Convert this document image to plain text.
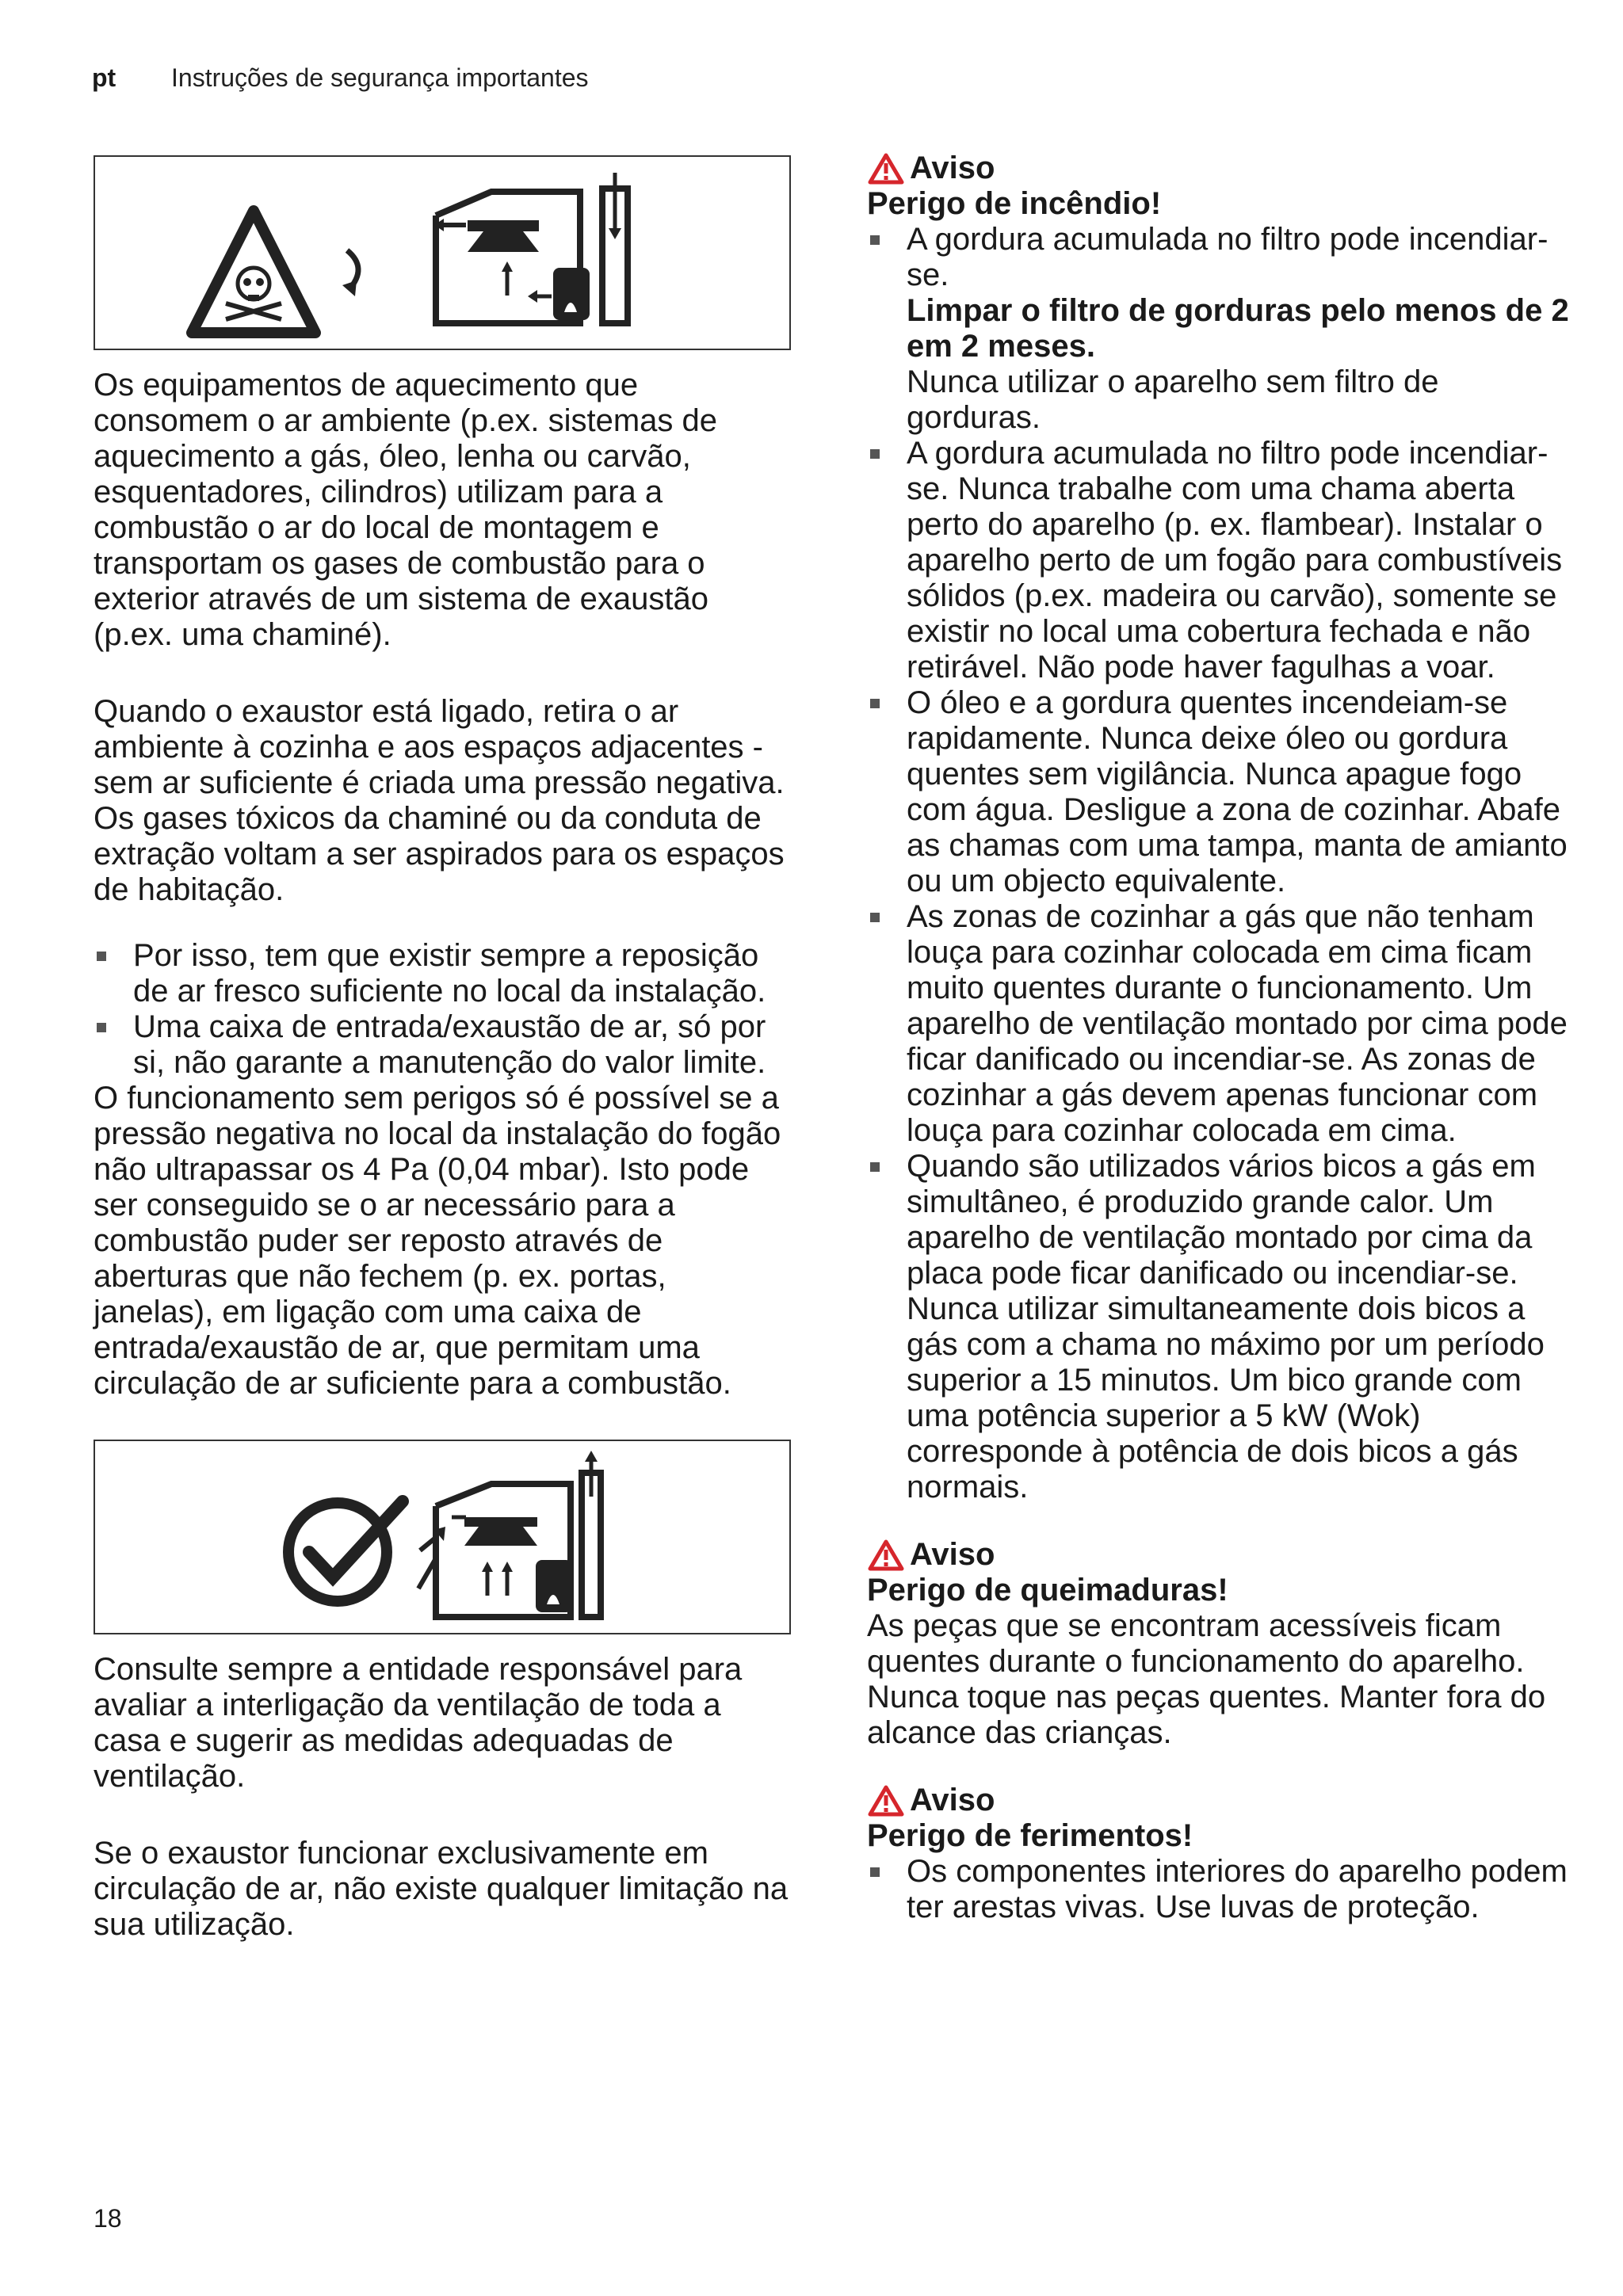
pt	Instruções de segurança importantes

Os equipamentos de aquecimento que consomem o ar ambiente (p.ex. sistemas de aquecimento a gás, óleo, lenha ou carvão, esquentadores, cilindros) utilizam para a combustão o ar do local de montagem e transportam os gases de combustão para o exterior através de um sistema de exaustão (p.ex. uma chaminé).

Quando o exaustor está ligado, retira o ar ambiente à cozinha e aos espaços adjacentes - sem ar suficiente é criada uma pressão negativa. Os gases tóxicos da chaminé ou da conduta de extração voltam a ser aspirados para os espaços de habitação.

Por isso, tem que existir sempre a reposição de ar fresco suficiente no local da instalação.
Uma caixa de entrada/exaustão de ar, só por si, não garante a manutenção do valor limite.

O funcionamento sem perigos só é possível se a pressão negativa no local da instalação do fogão não ultrapassar os 4 Pa (0,04 mbar). Isto pode ser conseguido se o ar necessário para a combustão puder ser reposto através de aberturas que não fechem (p. ex. portas, janelas), em ligação com uma caixa de entrada/exaustão de ar, que permitam uma circulação de ar suficiente para a combustão.

Consulte sempre a entidade responsável para avaliar a interligação da ventilação de toda a casa e sugerir as medidas adequadas de ventilação.

Se o exaustor funcionar exclusivamente em circulação de ar, não existe qualquer limitação na sua utilização.

Aviso
Perigo de incêndio!
A gordura acumulada no filtro pode incendiar-se.
Limpar o filtro de gorduras pelo menos de 2 em 2 meses.
Nunca utilizar o aparelho sem filtro de gorduras.
A gordura acumulada no filtro pode incendiar-se. Nunca trabalhe com uma chama aberta perto do aparelho (p. ex. flambear). Instalar o aparelho perto de um fogão para combustíveis sólidos (p.ex. madeira ou carvão), somente se existir no local uma cobertura fechada e não retirável. Não pode haver fagulhas a voar.
O óleo e a gordura quentes incendeiam-se rapidamente. Nunca deixe óleo ou gordura quentes sem vigilância. Nunca apague fogo com água. Desligue a zona de cozinhar. Abafe as chamas com uma tampa, manta de amianto ou um objecto equivalente.
As zonas de cozinhar a gás que não tenham louça para cozinhar colocada em cima ficam muito quentes durante o funcionamento. Um aparelho de ventilação montado por cima pode ficar danificado ou incendiar-se. As zonas de cozinhar a gás devem apenas funcionar com louça para cozinhar colocada em cima.
Quando são utilizados vários bicos a gás em simultâneo, é produzido grande calor. Um aparelho de ventilação montado por cima da placa pode ficar danificado ou incendiar-se. Nunca utilizar simultaneamente dois bicos a gás com a chama no máximo por um período superior a 15 minutos. Um bico grande com uma potência superior a 5 kW (Wok) corresponde à potência de dois bicos a gás normais.
Aviso
Perigo de queimaduras!

As peças que se encontram acessíveis ficam quentes durante o funcionamento do aparelho. Nunca toque nas peças quentes. Manter fora do alcance das crianças.

Aviso
Perigo de ferimentos!
Os componentes interiores do aparelho podem ter arestas vivas. Use luvas de proteção.
18
